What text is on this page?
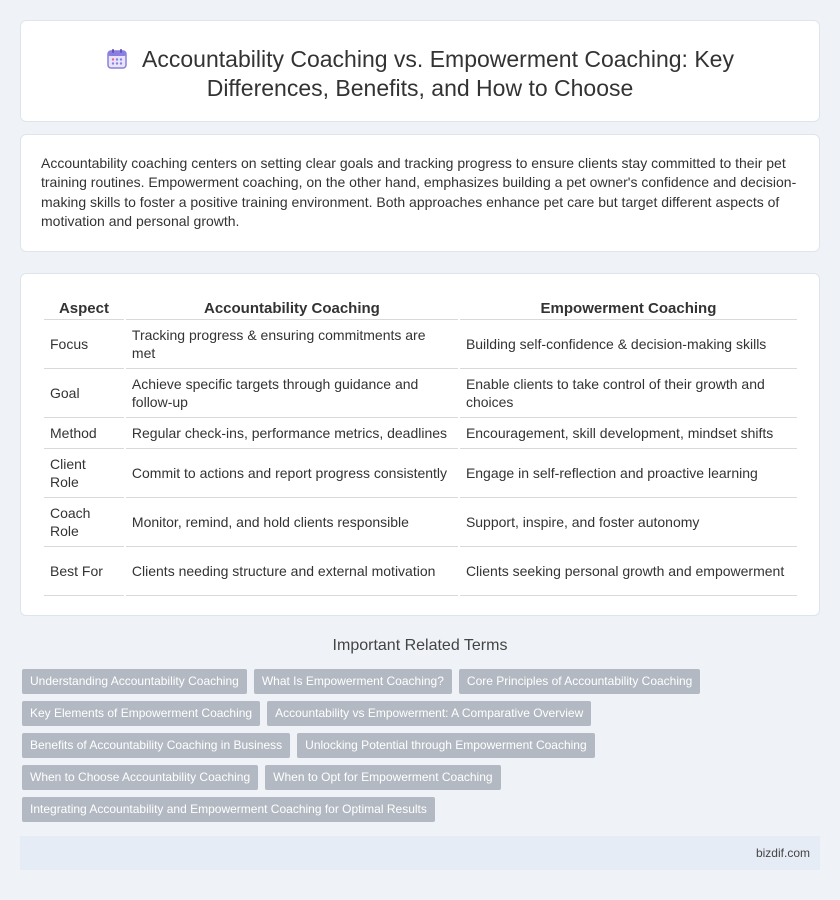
Accountability Coaching vs. Empowerment Coaching: Key
Differences, Benefits, and How to Choose

Accountability coaching centers on setting clear goals and tracking progress to ensure clients stay committed to their pet training routines. Empowerment coaching, on the other hand, emphasizes building a pet owner's confidence and decision-making skills to foster a positive training environment. Both approaches enhance pet care but target different aspects of motivation and personal growth.

Aspect	Accountability Coaching	Empowerment Coaching
Focus	Tracking progress & ensuring commitments are met	Building self-confidence & decision-making skills
Goal	Achieve specific targets through guidance and follow-up	Enable clients to take control of their growth and choices
Method	Regular check-ins, performance metrics, deadlines	Encouragement, skill development, mindset shifts
Client Role	Commit to actions and report progress consistently	Engage in self-reflection and proactive learning
Coach Role	Monitor, remind, and hold clients responsible	Support, inspire, and foster autonomy
Best For	Clients needing structure and external motivation	Clients seeking personal growth and empowerment
Important Related Terms
Understanding Accountability Coaching	What Is Empowerment Coaching?	Core Principles of Accountability Coaching
Key Elements of Empowerment Coaching	Accountability vs Empowerment: A Comparative Overview
Benefits of Accountability Coaching in Business	Unlocking Potential through Empowerment Coaching
When to Choose Accountability Coaching	When to Opt for Empowerment Coaching
Integrating Accountability and Empowerment Coaching for Optimal Results
bizdif.com
